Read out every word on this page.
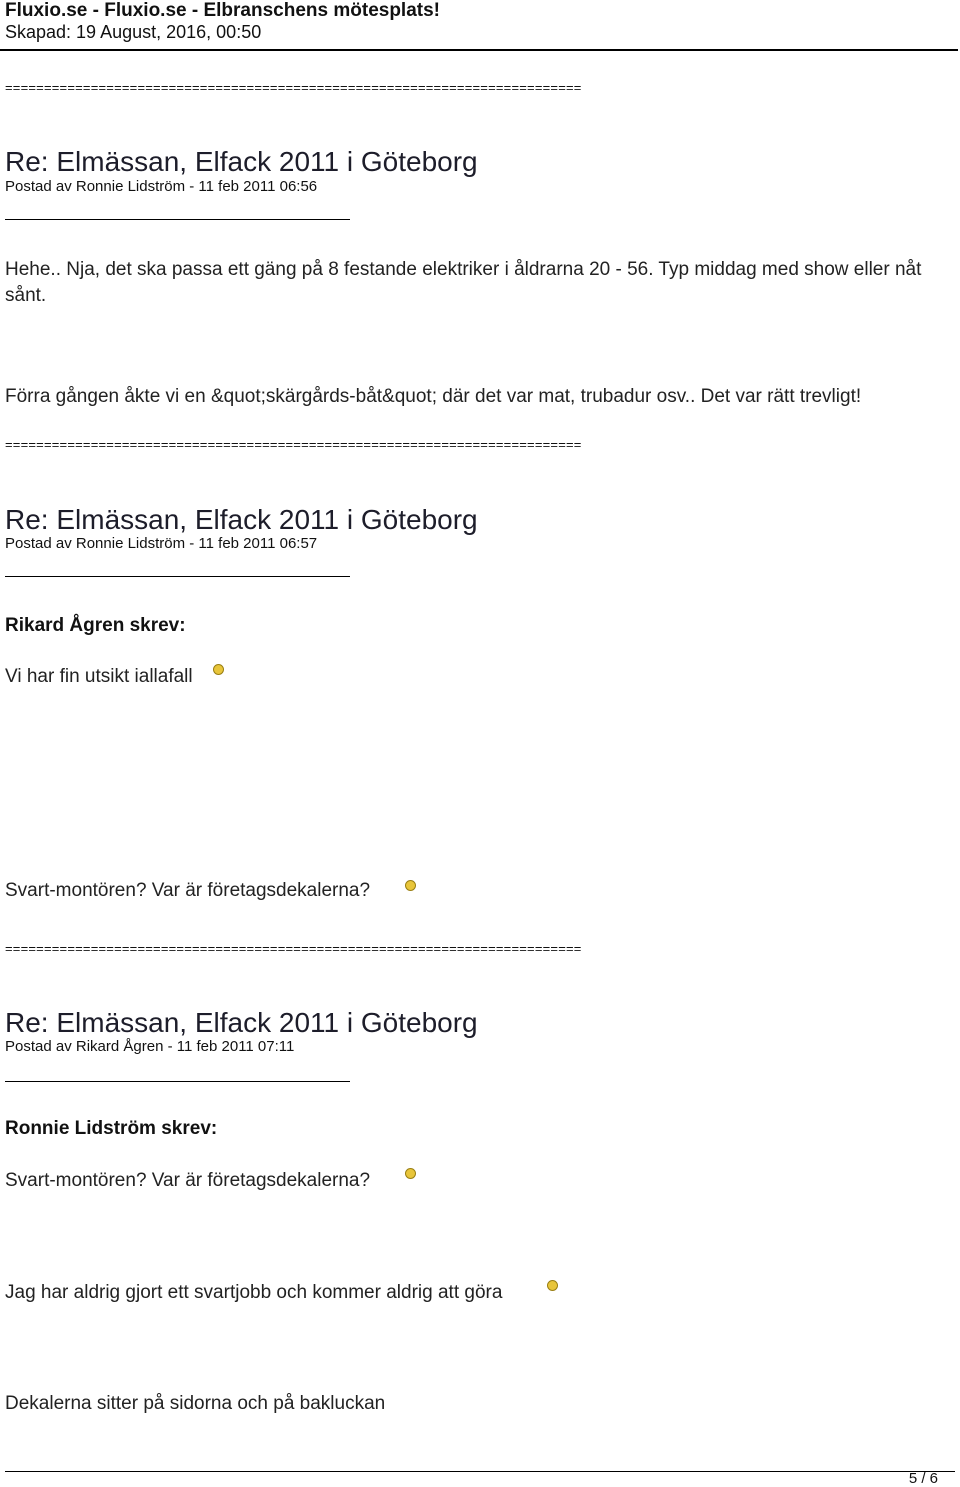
Fluxio.se - Fluxio.se - Elbranschens mötesplats!
Skapad: 19 August, 2016, 00:50
==========================================================================
Re: Elmässan, Elfack 2011 i Göteborg
Postad av Ronnie Lidström - 11 feb 2011 06:56
Hehe.. Nja, det ska passa ett gäng på 8 festande elektriker i åldrarna 20 - 56. Typ middag med show eller nåt sånt.
Förra gången åkte vi en &quot;skärgårds-båt&quot; där det var mat, trubadur osv.. Det var rätt trevligt!
==========================================================================
Re: Elmässan, Elfack 2011 i Göteborg
Postad av Ronnie Lidström - 11 feb 2011 06:57
Rikard Ågren skrev:
Vi har fin utsikt iallafall
Svart-montören? Var är företagsdekalerna?
==========================================================================
Re: Elmässan, Elfack 2011 i Göteborg
Postad av Rikard Ågren - 11 feb 2011 07:11
Ronnie Lidström skrev:
Svart-montören? Var är företagsdekalerna?
Jag har aldrig gjort ett svartjobb och kommer aldrig att göra
Dekalerna sitter på sidorna och på bakluckan
5 / 6
